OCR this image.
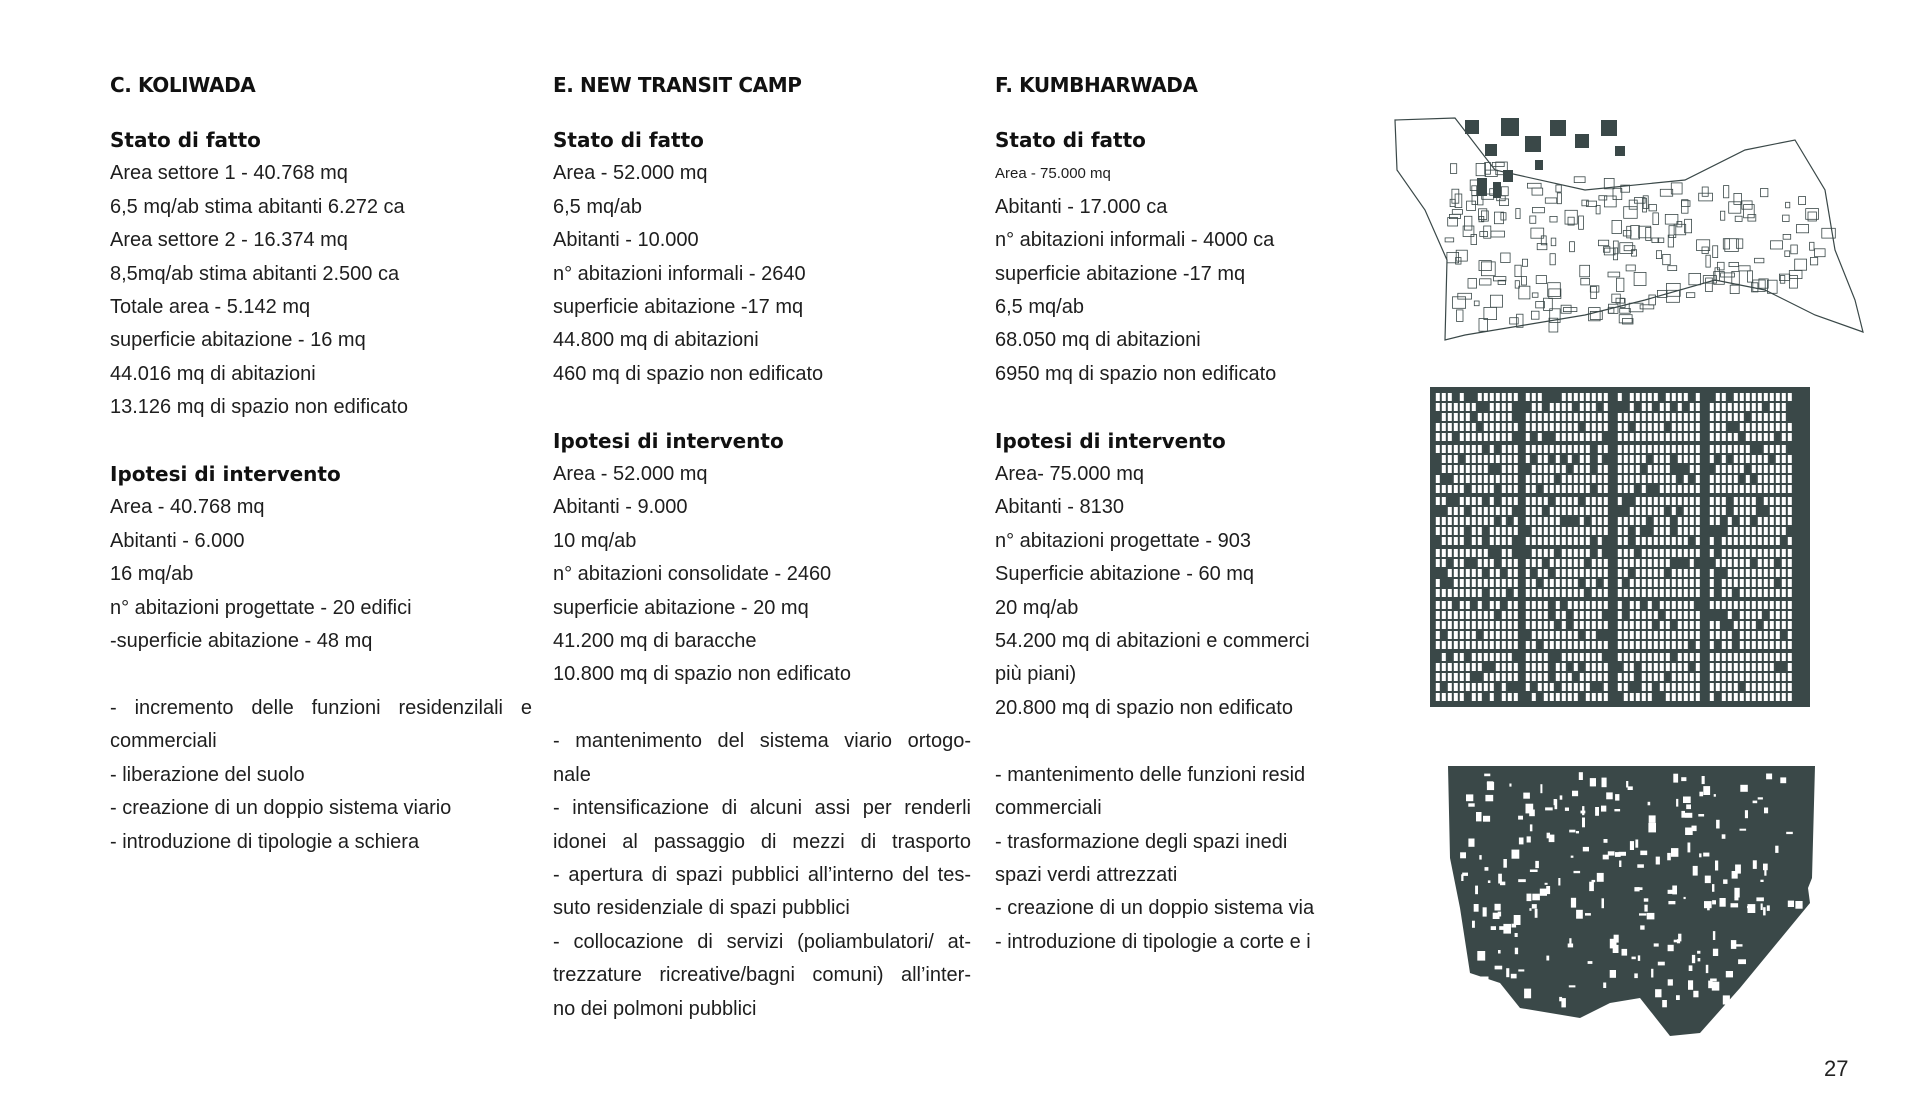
C. KOLIWADA

Stato di fatto

Area settore 1 - 40.768 mq

6,5 mq/ab stima abitanti 6.272 ca

Area settore 2 - 16.374 mq

8,5mq/ab stima abitanti 2.500 ca

Totale area - 5.142 mq

superficie abitazione - 16 mq

44.016 mq di abitazioni

13.126 mq di spazio non edificato

Ipotesi di intervento

Area - 40.768 mq

Abitanti - 6.000

16 mq/ab

n° abitazioni progettate - 20 edifici

-superficie abitazione - 48 mq

- incremento delle funzioni residenzilali e

commerciali

- liberazione del suolo

- creazione di un doppio sistema viario

- introduzione di tipologie a schiera

E. NEW TRANSIT CAMP

Stato di fatto

Area - 52.000 mq

6,5 mq/ab

Abitanti - 10.000

n° abitazioni informali - 2640

superficie abitazione -17 mq

44.800 mq di abitazioni

460 mq di spazio non edificato

Ipotesi di intervento

Area - 52.000 mq

Abitanti - 9.000

10 mq/ab

n° abitazioni consolidate - 2460

superficie abitazione - 20 mq

41.200 mq di baracche

10.800 mq di spazio non edificato

- mantenimento del sistema viario ortogo-

nale

- intensificazione di alcuni assi per renderli

idonei al passaggio di mezzi di trasporto

- apertura di spazi pubblici all’interno del tes-

suto residenziale di spazi pubblici

- collocazione di servizi (poliambulatori/ at-

trezzature ricreative/bagni comuni) all’inter-

no dei polmoni pubblici

F. KUMBHARWADA

Stato di fatto

Area - 75.000 mq

Abitanti - 17.000 ca

n° abitazioni informali - 4000 ca

superficie abitazione -17 mq

6,5 mq/ab

68.050 mq di abitazioni

6950 mq di spazio non edificato

Ipotesi di intervento

Area- 75.000 mq

Abitanti - 8130

n° abitazioni progettate - 903

Superficie abitazione - 60 mq

20 mq/ab

54.200 mq di abitazioni e commerci

più piani)

20.800 mq di spazio non edificato

- mantenimento delle funzioni resid

commerciali

- trasformazione degli spazi inedi

spazi verdi attrezzati

- creazione di un doppio sistema via

- introduzione di tipologie a corte e i

27
